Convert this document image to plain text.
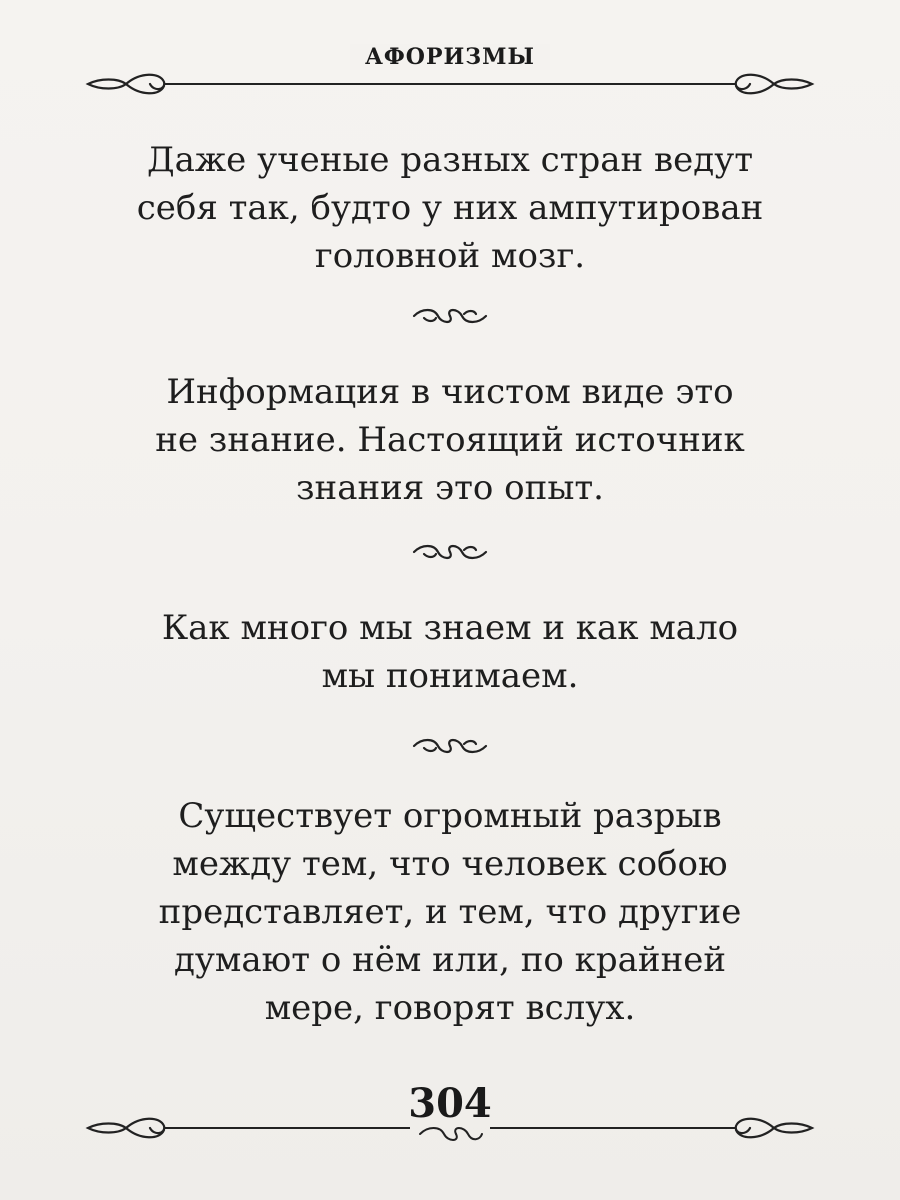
АФОРИЗМЫ
Даже ученые разных стран ведут
себя так, будто у них ампутирован
головной мозг.
Информация в чистом виде это
не знание. Настоящий источник
знания это опыт.
Как много мы знаем и как мало
мы понимаем.
Существует огромный разрыв
между тем, что человек собою
представляет, и тем, что другие
думают о нём или, по крайней
мере, говорят вслух.
304
